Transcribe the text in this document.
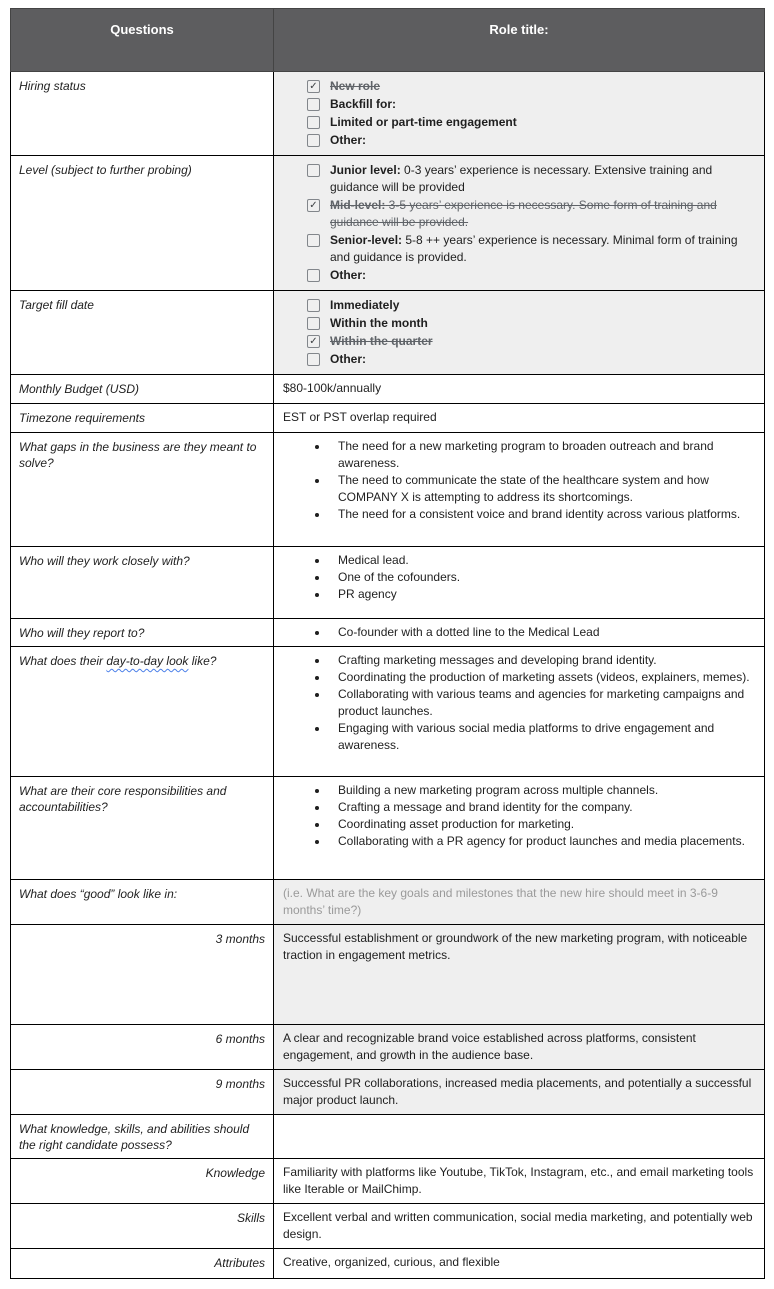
Questions	Role title:
Hiring status	✓ New role
Backfill for:
Limited or part-time engagement
Other:

Level (subject to further probing)	Junior level: 0-3 years’ experience is necessary. Extensive training and guidance will be provided
✓ Mid-level: 3-5 years’ experience is necessary. Some form of training and guidance will be provided.
Senior-level: 5-8 ++ years’ experience is necessary. Minimal form of training and guidance is provided.
Other:

Target fill date	Immediately
Within the month
✓ Within the quarter
Other:

Monthly Budget (USD)	$80-100k/annually
Timezone requirements	EST or PST overlap required
What gaps in the business are they meant to solve?	
• The need for a new marketing program to broaden outreach and brand awareness.
• The need to communicate the state of the healthcare system and how COMPANY X is attempting to address its shortcomings.
• The need for a consistent voice and brand identity across various platforms.

Who will they work closely with?	
•Medical lead.
• One of the cofounders.
• PR agency

Who will they report to?	
•Co-founder with a dotted line to the Medical Lead

What does their day-to-day look like?	
•Crafting marketing messages and developing brand identity.
• Coordinating the production of marketing assets (videos, explainers, memes).
• Collaborating with various teams and agencies for marketing campaigns and product launches.
• Engaging with various social media platforms to drive engagement and awareness.

What are their core responsibilities and accountabilities?	
• Building a new marketing program across multiple channels.
• Crafting a message and brand identity for the company.
• Coordinating asset production for marketing.
• Collaborating with a PR agency for product launches and media placements.

What does “good” look like in:	(i.e. What are the key goals and milestones that the new hire should meet in 3-6-9 months’ time?)
3 months	Successful establishment or groundwork of the new marketing program, with noticeable traction in engagement metrics.
6 months	A clear and recognizable brand voice established across platforms, consistent engagement, and growth in the audience base.
9 months	Successful PR collaborations, increased media placements, and potentially a successful major product launch.
What knowledge, skills, and abilities should the right candidate possess?	
Knowledge	Familiarity with platforms like Youtube, TikTok, Instagram, etc., and email marketing tools like Iterable or MailChimp.
Skills	Excellent verbal and written communication, social media marketing, and potentially web design.
Attributes	Creative, organized, curious, and flexible
